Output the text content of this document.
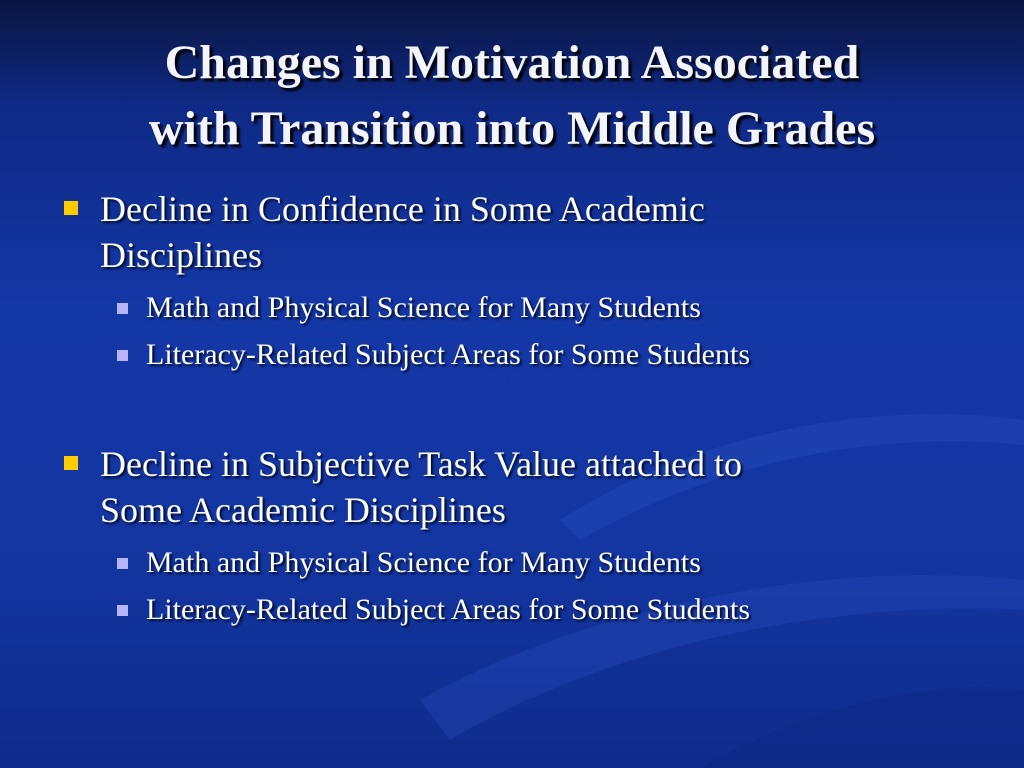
Changes in Motivation Associated
with Transition into Middle Grades
Decline in Confidence in Some Academic
Disciplines
Math and Physical Science for Many Students
Literacy-Related Subject Areas for Some Students
Decline in Subjective Task Value attached to
Some Academic Disciplines
Math and Physical Science for Many Students
Literacy-Related Subject Areas for Some Students
